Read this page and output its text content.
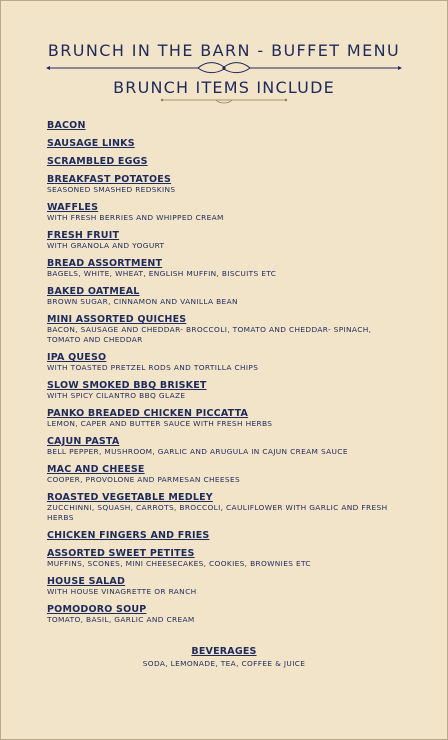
BRUNCH IN THE BARN - BUFFET MENU
BRUNCH ITEMS INCLUDE
BACON
SAUSAGE LINKS
SCRAMBLED EGGS
BREAKFAST POTATOES
SEASONED SMASHED REDSKINS
WAFFLES
WITH FRESH BERRIES AND WHIPPED CREAM
FRESH FRUIT
WITH GRANOLA AND YOGURT
BREAD ASSORTMENT
BAGELS, WHITE, WHEAT, ENGLISH MUFFIN, BISCUITS ETC
BAKED OATMEAL
BROWN SUGAR, CINNAMON AND VANILLA BEAN
MINI ASSORTED QUICHES
BACON, SAUSAGE AND CHEDDAR- BROCCOLI, TOMATO AND CHEDDAR- SPINACH, TOMATO AND CHEDDAR
IPA QUESO
WITH TOASTED PRETZEL RODS AND TORTILLA CHIPS
SLOW SMOKED BBQ BRISKET
WITH SPICY CILANTRO BBQ GLAZE
PANKO BREADED CHICKEN PICCATTA
LEMON, CAPER AND BUTTER SAUCE WITH FRESH HERBS
CAJUN PASTA
BELL PEPPER, MUSHROOM, GARLIC AND ARUGULA IN CAJUN CREAM SAUCE
MAC AND CHEESE
COOPER, PROVOLONE AND PARMESAN CHEESES
ROASTED VEGETABLE MEDLEY
ZUCCHINNI, SQUASH, CARROTS, BROCCOLI, CAULIFLOWER WITH GARLIC AND FRESH HERBS
CHICKEN FINGERS AND FRIES
ASSORTED SWEET PETITES
MUFFINS, SCONES, MINI CHEESECAKES, COOKIES, BROWNIES ETC
HOUSE SALAD
WITH HOUSE VINAGRETTE OR RANCH
POMODORO SOUP
TOMATO, BASIL, GARLIC AND CREAM
BEVERAGES
SODA, LEMONADE, TEA, COFFEE & JUICE
